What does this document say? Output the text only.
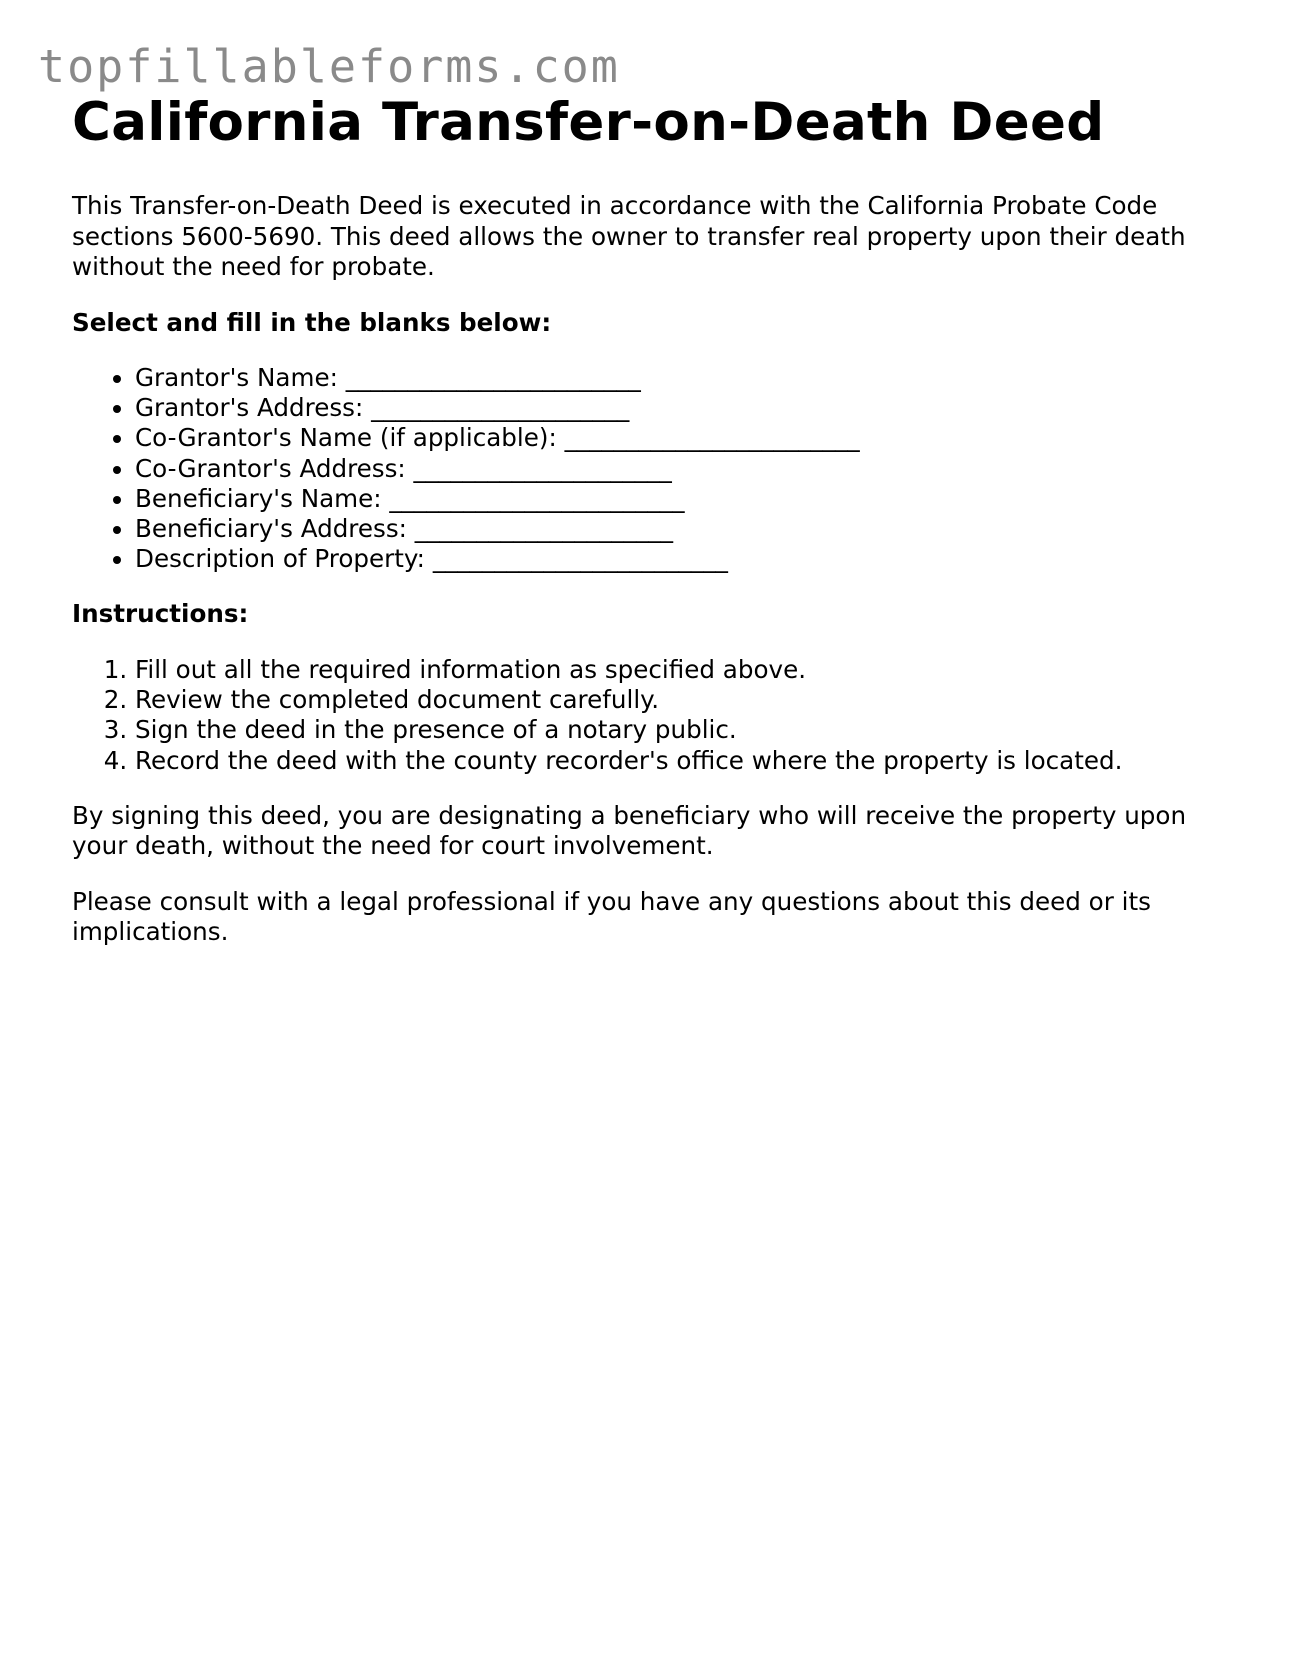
topfillableforms.com
California Transfer-on-Death Deed

This Transfer-on-Death Deed is executed in accordance with the California Probate Code sections 5600-5690. This deed allows the owner to transfer real property upon their death without the need for probate.

Select and fill in the blanks below:

• Grantor's Name: ________________________
• Grantor's Address: _____________________
• Co-Grantor's Name (if applicable): ________________________
• Co-Grantor's Address: _____________________
• Beneficiary's Name: ________________________
• Beneficiary's Address: _____________________
• Description of Property: ________________________

Instructions:

1. Fill out all the required information as specified above.
2. Review the completed document carefully.
3. Sign the deed in the presence of a notary public.
4. Record the deed with the county recorder's office where the property is located.

By signing this deed, you are designating a beneficiary who will receive the property upon your death, without the need for court involvement.

Please consult with a legal professional if you have any questions about this deed or its implications.
